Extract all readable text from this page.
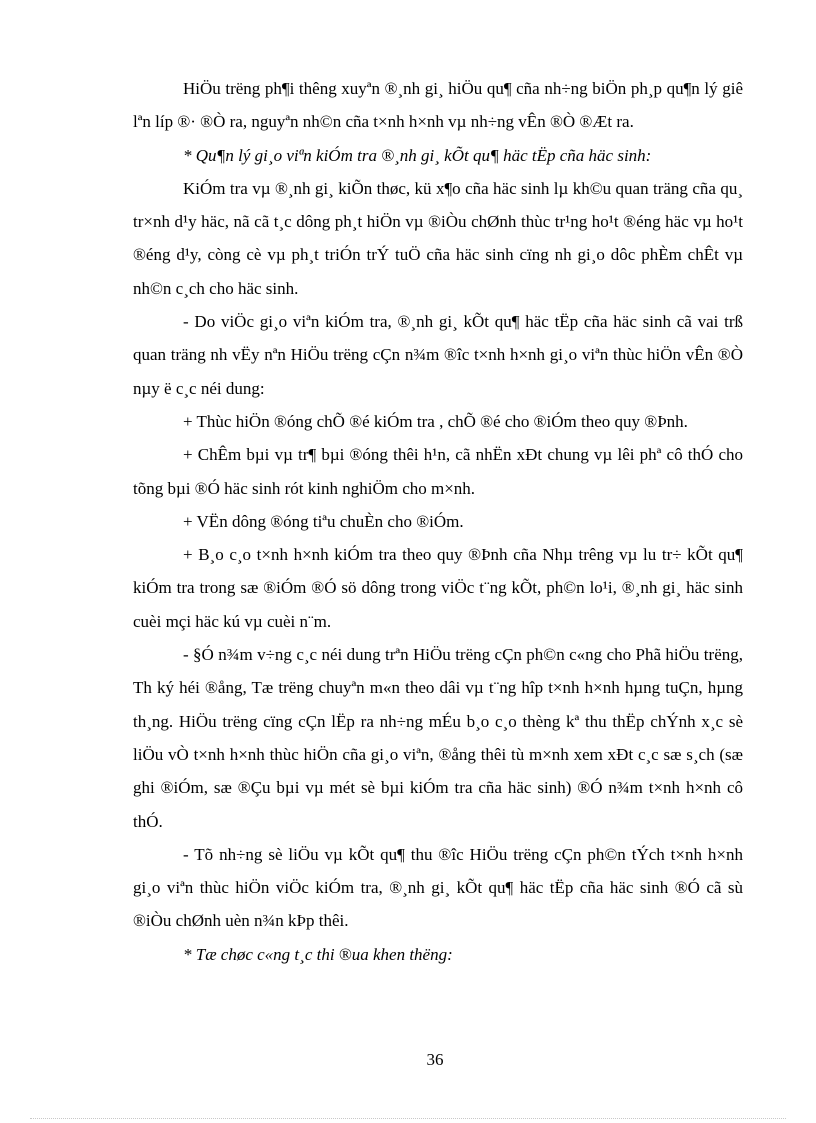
HiÖu trëng ph¶i thêng xuyªn ®¸nh gi¸ hiÖu qu¶ cña nh÷ng biÖn ph¸p qu¶n lý giê lªn líp ®· ®Ò ra, nguyªn nh©n cña t×nh h×nh vµ nh÷ng vÊn ®Ò ®Æt ra.

* Qu¶n lý gi¸o viªn kiÓm tra ®¸nh gi¸ kÕt qu¶ häc tËp cña häc sinh:

KiÓm tra vµ ®¸nh gi¸ kiÕn thøc, kü x¶o cña häc sinh lµ kh©u quan träng cña qu¸ tr×nh d¹y häc, nã cã t¸c dông ph¸t hiÖn vµ ®iÒu chØnh thùc tr¹ng ho¹t ®éng häc vµ ho¹t ®éng d¹y, còng cè vµ ph¸t triÓn trÝ tuÖ cña häc sinh cïng nh gi¸o dôc phÈm chÊt vµ nh©n c¸ch cho häc sinh.

- Do viÖc gi¸o viªn kiÓm tra, ®¸nh gi¸ kÕt qu¶ häc tËp cña häc sinh cã vai trß quan träng nh vËy nªn HiÖu trëng cÇn n¾m ®îc t×nh h×nh gi¸o viªn thùc hiÖn vÊn ®Ò nµy ë c¸c néi dung:

+ Thùc hiÖn ®óng chÕ ®é kiÓm tra , chÕ ®é cho ®iÓm theo quy ®Þnh.

+ ChÊm bµi vµ tr¶ bµi ®óng thêi h¹n, cã nhËn xÐt chung vµ lêi phª cô thÓ cho tõng bµi ®Ó häc sinh rót kinh nghiÖm cho m×nh.

+ VËn dông ®óng tiªu chuÈn cho ®iÓm.

+ B¸o c¸o t×nh h×nh kiÓm tra theo quy ®Þnh cña Nhµ trêng vµ lu tr÷ kÕt qu¶ kiÓm tra trong sæ ®iÓm ®Ó sö dông trong viÖc t¨ng kÕt, ph©n lo¹i, ®¸nh gi¸ häc sinh cuèi mçi häc kú vµ cuèi n¨m.

- §Ó n¾m v÷ng c¸c néi dung trªn HiÖu trëng cÇn ph©n c«ng cho Phã hiÖu trëng, Th ký héi ®ång, Tæ trëng chuyªn m«n theo dâi vµ t¨ng hîp t×nh h×nh hµng tuÇn, hµng th¸ng. HiÖu trëng cïng cÇn lËp ra nh÷ng mÉu b¸o c¸o thèng kª thu thËp chÝnh x¸c sè liÖu vÒ t×nh h×nh thùc hiÖn cña gi¸o viªn, ®ång thêi tù m×nh xem xÐt c¸c sæ s¸ch (sæ ghi ®iÓm, sæ ®Çu bµi vµ mét sè bµi kiÓm tra cña häc sinh) ®Ó n¾m t×nh h×nh cô thÓ.

- Tõ nh÷ng sè liÖu vµ kÕt qu¶ thu ®îc HiÖu trëng cÇn ph©n tÝch t×nh h×nh gi¸o viªn thùc hiÖn viÖc kiÓm tra, ®¸nh gi¸ kÕt qu¶ häc tËp cña häc sinh ®Ó cã sù ®iÒu chØnh uèn n¾n kÞp thêi.

* Tæ chøc c«ng t¸c thi ®ua khen thëng:

36
